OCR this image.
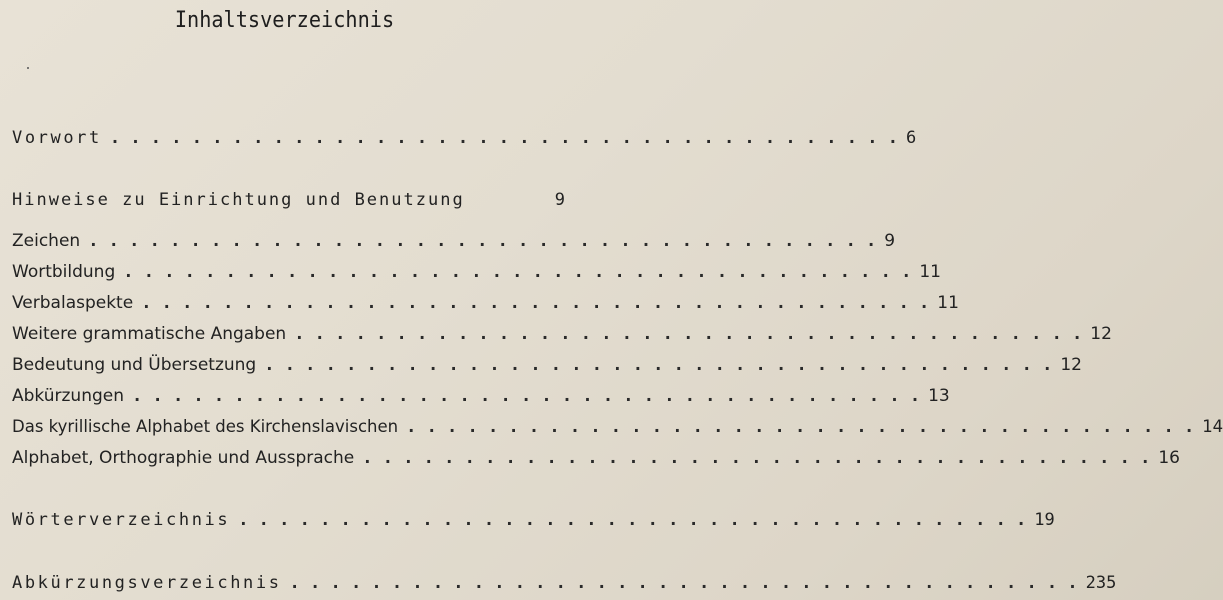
Inhaltsverzeichnis
Vorwort . . . . . . . . . . . . . . . . . . . . . . . . . . . . . . . . . . . . . . . 6
Hinweise zu Einrichtung und Benutzung	9
Zeichen . . . . . . . . . . . . . . . . . . . . . . . . . . . . . . . . . . . . . . . 9
Wortbildung . . . . . . . . . . . . . . . . . . . . . . . . . . . . . . . . . . . . . . . 11
Verbalaspekte . . . . . . . . . . . . . . . . . . . . . . . . . . . . . . . . . . . . . . . 11
Weitere grammatische Angaben . . . . . . . . . . . . . . . . . . . . . . . . . . . . . . . . . . . . . . . 12
Bedeutung und Übersetzung . . . . . . . . . . . . . . . . . . . . . . . . . . . . . . . . . . . . . . . 12
Abkürzungen . . . . . . . . . . . . . . . . . . . . . . . . . . . . . . . . . . . . . . . 13
Das kyrillische Alphabet des Kirchenslavischen . . . . . . . . . . . . . . . . . . . . . . . . . . . . . . . . . . . . . . . 14
Alphabet, Orthographie und Aussprache . . . . . . . . . . . . . . . . . . . . . . . . . . . . . . . . . . . . . . . 16
Wörterverzeichnis . . . . . . . . . . . . . . . . . . . . . . . . . . . . . . . . . . . . . . . 19
Abkürzungsverzeichnis . . . . . . . . . . . . . . . . . . . . . . . . . . . . . . . . . . . . . . . 235
